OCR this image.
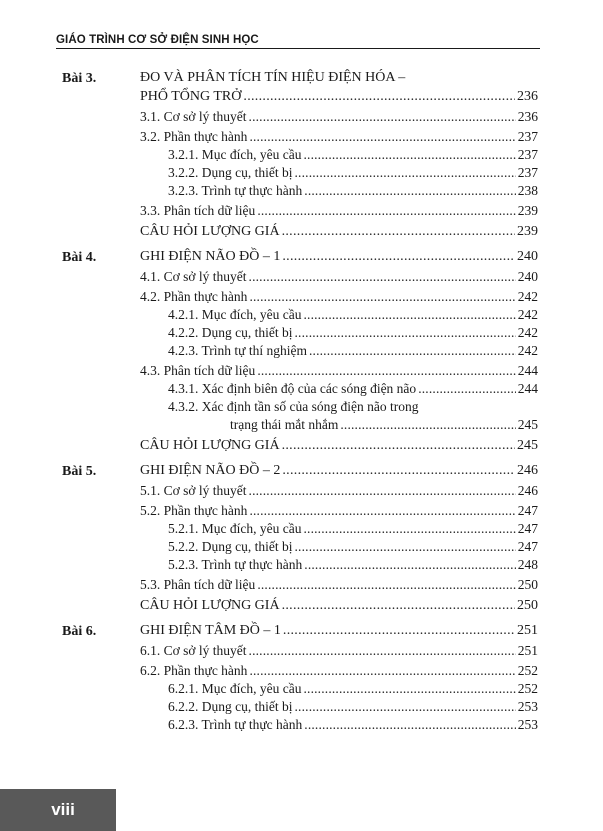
GIÁO TRÌNH CƠ SỞ ĐIỆN SINH HỌC
Bài 3.	ĐO VÀ PHÂN TÍCH TÍN HIỆU ĐIỆN HÓA –
PHỔ TỔNG TRỞ . . .	236
3.1. Cơ sở lý thuyết . . .	236
3.2. Phần thực hành . . .	237
3.2.1. Mục đích, yêu cầu . . .	237
3.2.2. Dụng cụ, thiết bị . . .	237
3.2.3. Trình tự thực hành . . .	238
3.3. Phân tích dữ liệu . . .	239
CÂU HỎI LƯỢNG GIÁ . . .	239
Bài 4.	GHI ĐIỆN NÃO ĐỒ – 1 . . .	240
4.1. Cơ sở lý thuyết . . .	240
4.2. Phần thực hành . . .	242
4.2.1. Mục đích, yêu cầu . . .	242
4.2.2. Dụng cụ, thiết bị . . .	242
4.2.3. Trình tự thí nghiệm . . .	242
4.3. Phân tích dữ liệu . . .	244
4.3.1. Xác định biên độ của các sóng điện não . . .	244
4.3.2. Xác định tần số của sóng điện não trong
trạng thái mắt nhắm . . .	245
CÂU HỎI LƯỢNG GIÁ . . .	245
Bài 5.	GHI ĐIỆN NÃO ĐỒ – 2 . . .	246
5.1. Cơ sở lý thuyết . . .	246
5.2. Phần thực hành . . .	247
5.2.1. Mục đích, yêu cầu . . .	247
5.2.2. Dụng cụ, thiết bị . . .	247
5.2.3. Trình tự thực hành . . .	248
5.3. Phân tích dữ liệu . . .	250
CÂU HỎI LƯỢNG GIÁ . . .	250
Bài 6.	GHI ĐIỆN TÂM ĐỒ – 1 . . .	251
6.1. Cơ sở lý thuyết . . .	251
6.2. Phần thực hành . . .	252
6.2.1. Mục đích, yêu cầu . . .	252
6.2.2. Dụng cụ, thiết bị . . .	253
6.2.3. Trình tự thực hành . . .	253
viii
